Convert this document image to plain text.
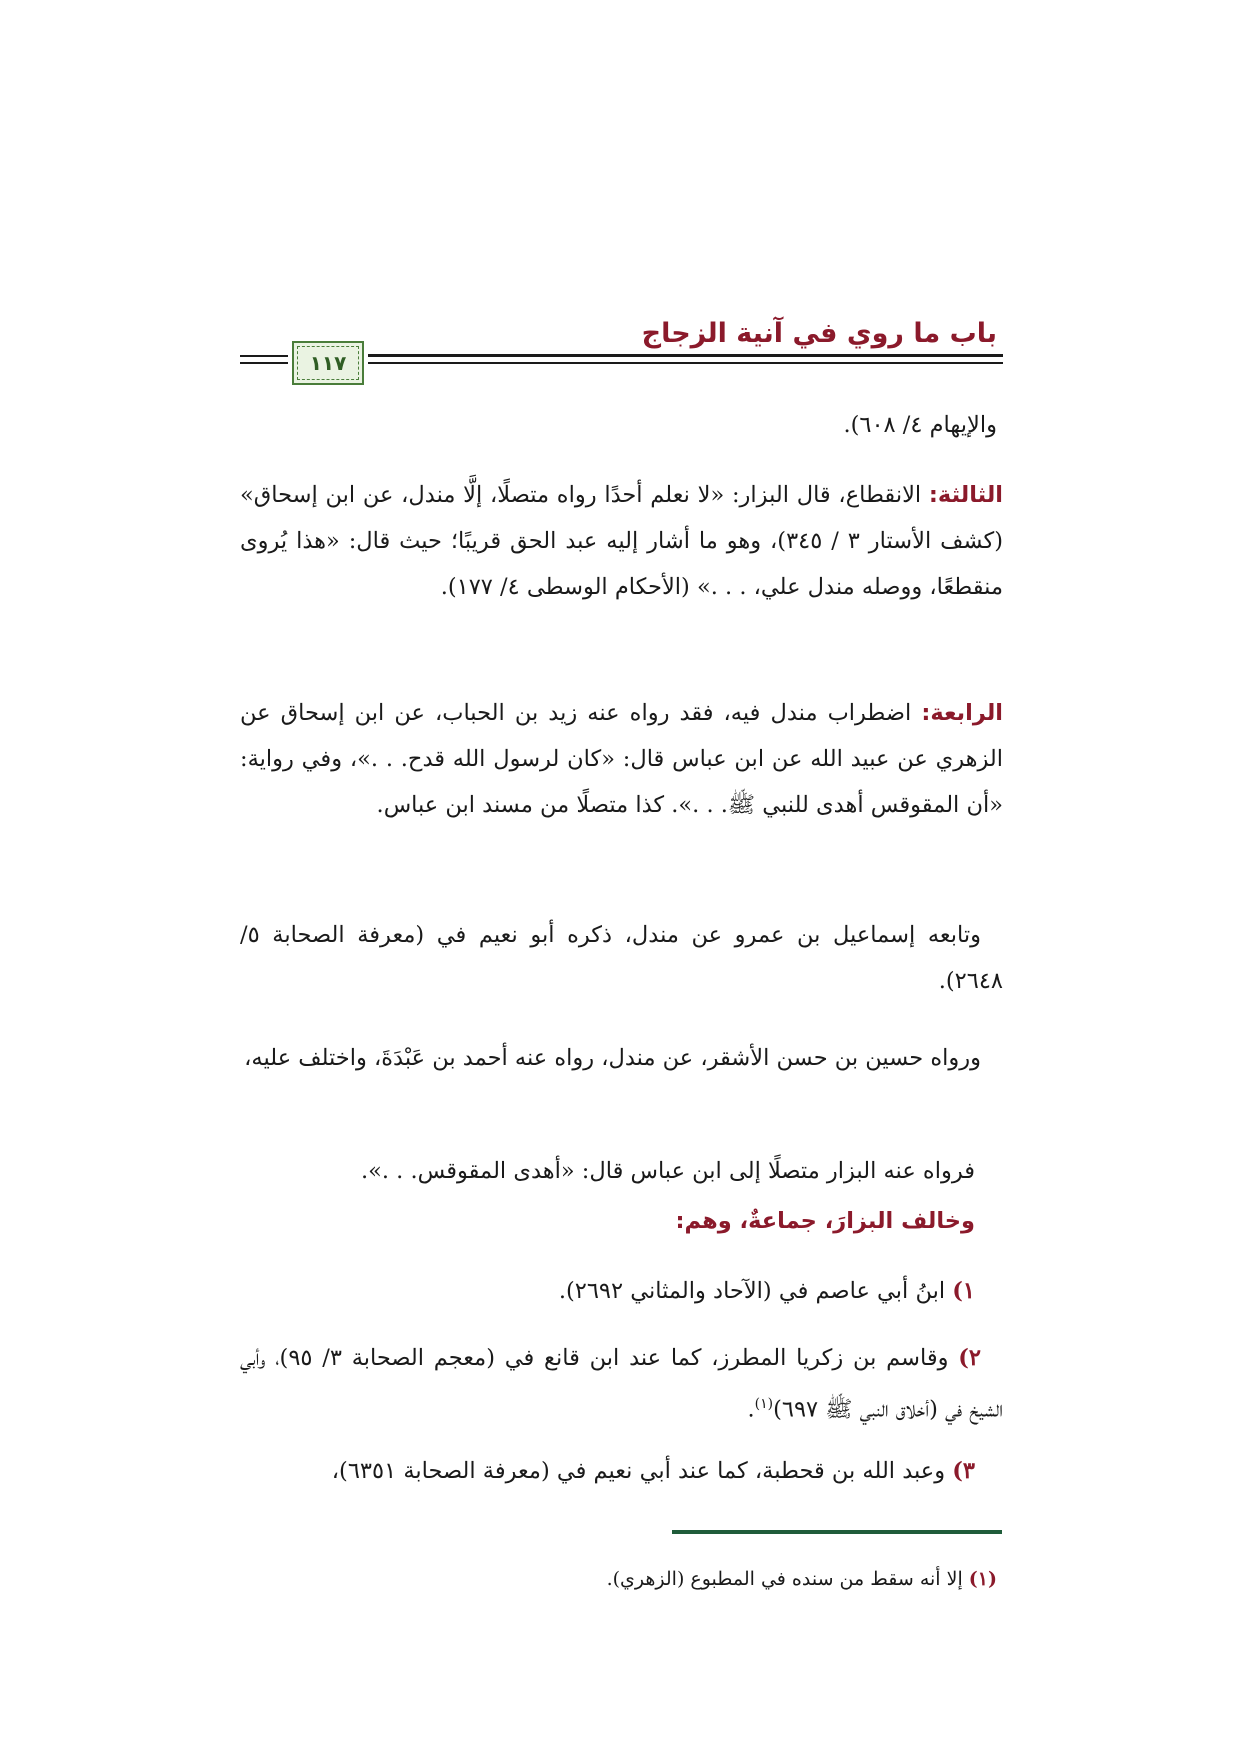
باب ما روي في آنية الزجاج
١١٧
والإيهام ٤/ ٦٠٨).
الثالثة: الانقطاع، قال البزار: «لا نعلم أحدًا رواه متصلًا، إلَّا مندل، عن ابن إسحاق» (كشف الأستار ٣ / ٣٤٥)، وهو ما أشار إليه عبد الحق قريبًا؛ حيث قال: «هذا يُروى منقطعًا، ووصله مندل علي، . . .» (الأحكام الوسطى ٤/ ١٧٧).
الرابعة: اضطراب مندل فيه، فقد رواه عنه زيد بن الحباب، عن ابن إسحاق عن الزهري عن عبيد الله عن ابن عباس قال: «كان لرسول الله قدح. . .»، وفي رواية: «أن المقوقس أهدى للنبي ﷺ. . .». كذا متصلًا من مسند ابن عباس.
وتابعه إسماعيل بن عمرو عن مندل، ذكره أبو نعيم في (معرفة الصحابة ٥/ ٢٦٤٨).
ورواه حسين بن حسن الأشقر، عن مندل، رواه عنه أحمد بن عَبْدَةَ، واختلف عليه،
فرواه عنه البزار متصلًا إلى ابن عباس قال: «أهدى المقوقس. . .».
وخالف البزارَ، جماعةٌ، وهم:
١) ابنُ أبي عاصم في (الآحاد والمثاني ٢٦٩٢).
٢) وقاسم بن زكريا المطرز، كما عند ابن قانع في (معجم الصحابة ٣/ ٩٥)، وأبي الشيخ في (أخلاق النبي ﷺ ٦٩٧)$^{(١)}$.
٣) وعبد الله بن قحطبة، كما عند أبي نعيم في (معرفة الصحابة ٦٣٥١)،
(١) إلا أنه سقط من سنده في المطبوع (الزهري).
